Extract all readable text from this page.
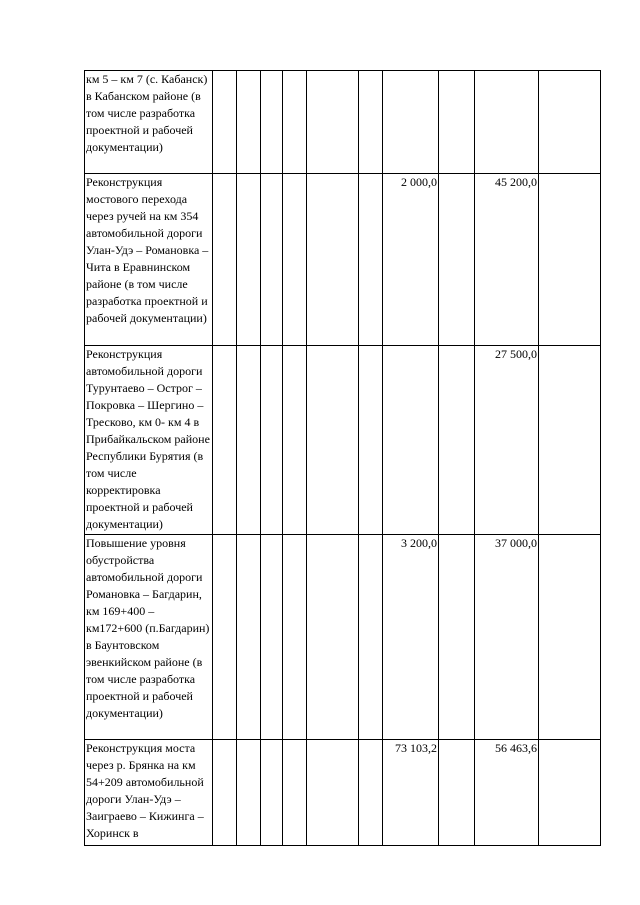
км 5 – км 7 (с. Кабанск) в Кабанском районе (в том числе разработка проектной и рабочей документации)										
Реконструкция мостового перехода через ручей на км 354 автомобильной дороги Улан-Удэ – Романовка – Чита в Еравнинском районе (в том числе разработка проектной и рабочей документации)							2 000,0		45 200,0	
Реконструкция автомобильной дороги Турунтаево – Острог – Покровка – Шергино – Тресково, км 0- км 4 в Прибайкальском районе Республики Бурятия (в том числе корректировка проектной и рабочей документации)									27 500,0	
Повышение уровня обустройства автомобильной дороги Романовка – Багдарин, км 169+400 – км172+600 (п.Багдарин) в Баунтовском эвенкийском районе (в том числе разработка проектной и рабочей документации)							3 200,0		37 000,0	
Реконструкция моста через р. Брянка на км 54+209 автомобильной дороги Улан-Удэ – Заиграево – Кижинга – Хоринск в							73 103,2		56 463,6	
